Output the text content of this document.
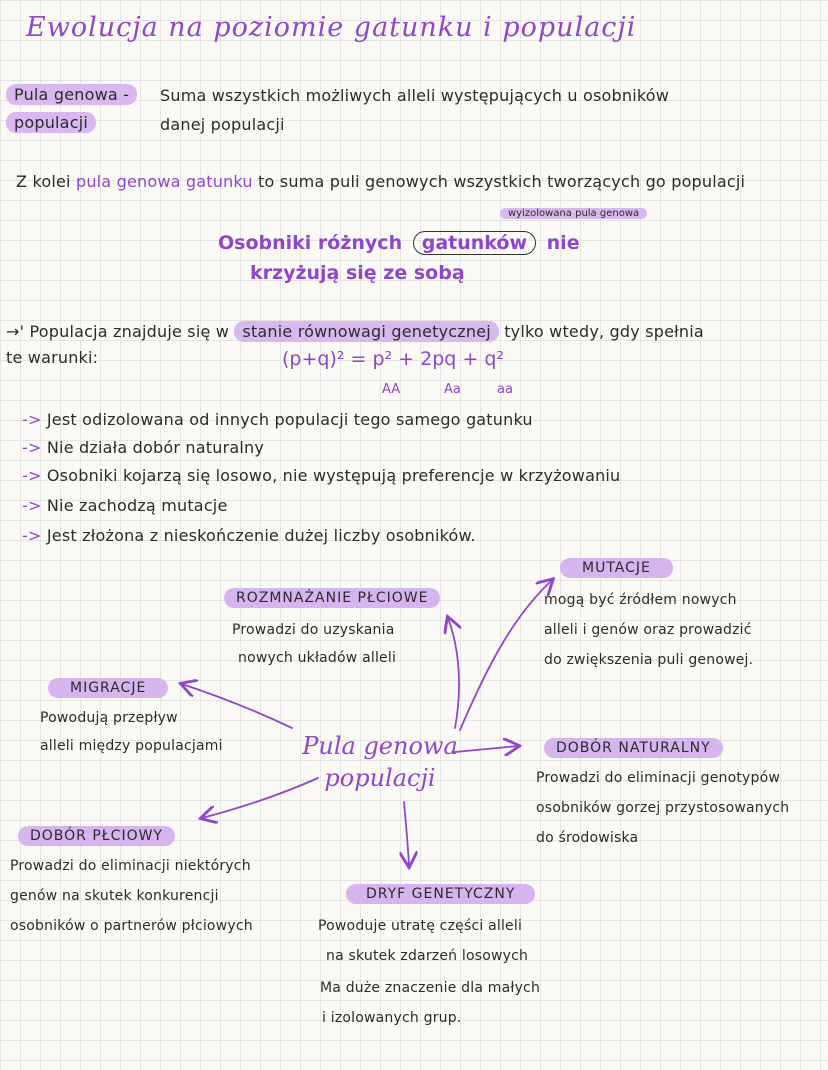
Ewolucja na poziomie gatunku i populacji
Pula genowa -
populacji
Suma wszystkich możliwych alleli występujących u osobników
danej populacji
Z kolei pula genowa gatunku to suma puli genowych wszystkich tworzących go populacji
wyizolowana pula genowa
Osobniki różnych gatunków nie
krzyżują się ze sobą
→' Populacja znajduje się w stanie równowagi genetycznej tylko wtedy, gdy spełnia
te warunki:	(p+q)² = p² + 2pq + q²
AA	Aa	aa
-> Jest odizolowana od innych populacji tego samego gatunku
-> Nie działa dobór naturalny
-> Osobniki kojarzą się losowo, nie występują preferencje w krzyżowaniu
-> Nie zachodzą mutacje
-> Jest złożona z nieskończenie dużej liczby osobników.
Pula genowa
populacji
ROZMNAŻANIE PŁCIOWE
Prowadzi do uzyskania
nowych układów alleli
MUTACJE
mogą być źródłem nowych
alleli i genów oraz prowadzić
do zwiększenia puli genowej.
MIGRACJE
Powodują przepływ
alleli między populacjami	DOBÓR NATURALNY
Prowadzi do eliminacji genotypów
osobników gorzej przystosowanych
do środowiska
DOBÓR PŁCIOWY
Prowadzi do eliminacji niektórych
genów na skutek konkurencji
osobników o partnerów płciowych
DRYF GENETYCZNY
Powoduje utratę części alleli
na skutek zdarzeń losowych
Ma duże znaczenie dla małych
i izolowanych grup.
